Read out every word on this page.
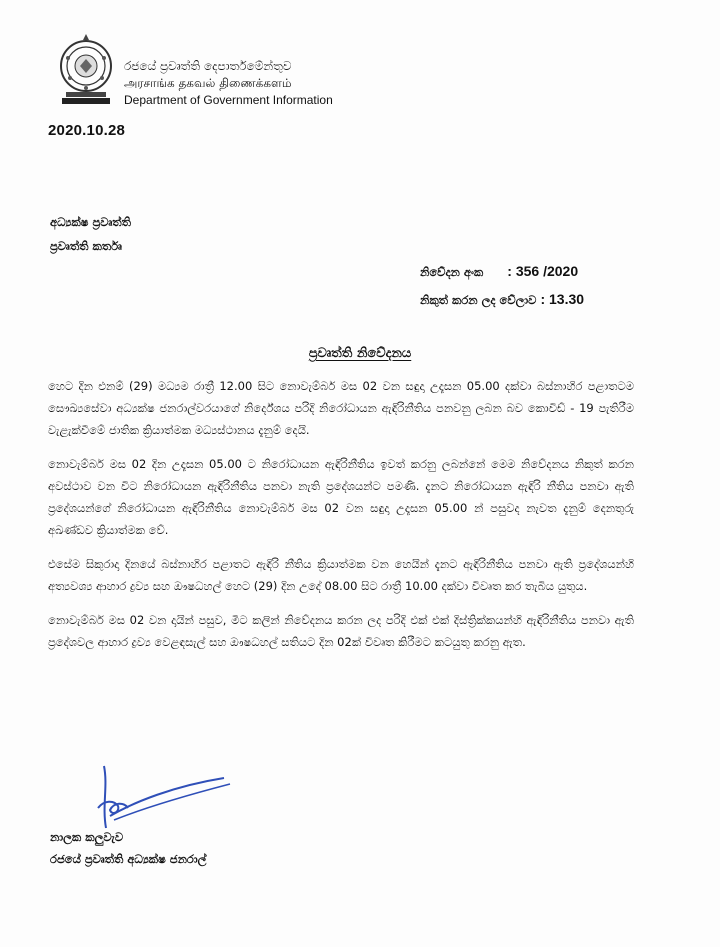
රජයේ ප්‍රවෘත්ති දෙපාර්තමේන්තුව
அரசாங்க தகவல் திணைக்களம்
Department of Government Information
2020.10.28
අධ්‍යක්ෂ ප්‍රවෘත්ති
ප්‍රවෘත්ති කර්තෘ
නිවේදන අංක : 356 /2020
නිකුත් කරන ලද වේලාව : 13.30
ප්‍රවෘත්ති නිවේදනය

හෙට දින එනම් (29) මධ්‍යම රාත්‍රී 12.00 සිට නොවැම්බර් මස 02 වන සඳුදා උදෑසන 05.00 දක්වා බස්නාහිර පළාතටම සෞඛ්‍යසේවා අධ්‍යක්ෂ ජනරාල්වරයාගේ නිර්දේශය පරිදි නිරෝධායන ඇඳිරිනීතිය පනවනු ලබන බව කොවිඩ් - 19 පැතිරීම වැළැක්වීමේ ජාතික ක්‍රියාත්මක මධ්‍යස්ථානය දැනුම් දෙයි.

නොවැම්බර් මස 02 දින උදෑසන 05.00 ට නිරෝධායන ඇඳිරිනීතිය ඉවත් කරනු ලබන්නේ මෙම නිවේදනය නිකුත් කරන අවස්ථාව වන විට නිරෝධායන ඇඳිරිනීතිය පනවා නැති ප්‍රදේශයන්ට පමණි. දැනට නිරෝධායන ඇඳිරි නීතිය පනවා ඇති ප්‍රදේශයන්ගේ නිරෝධායන ඇඳිරිනීතිය නොවැම්බර් මස 02 වන සඳුදා උදෑසන 05.00 න් පසුවද නැවත දැනුම් දෙනතුරු අඛණ්ඩව ක්‍රියාත්මක වේ.

එසේම සිකුරාදා දිනයේ බස්නාහිර පළාතට ඇඳිරි නීතිය ක්‍රියාත්මක වන හෙයින් දැනට ඇඳිරිනීතිය පනවා ඇති ප්‍රදේශයන්හි අත්‍යවශ්‍ය ආහාර ද්‍රව්‍ය සහ ඖෂධහල් හෙට (29) දින උදේ 08.00 සිට රාත්‍රී 10.00 දක්වා විවෘත කර තැබිය යුතුය.

නොවැම්බර් මස 02 වන දායින් පසුව, මීට කලින් නිවේදනය කරන ලද පරිදි එක් එක් දිස්ත්‍රික්කයන්හි ඇඳිරිනීතිය පනවා ඇති ප්‍රදේශවල ආහාර ද්‍රව්‍ය වෙළඳසැල් සහ ඖෂධහල් සතියට දින 02ක් විවෘත කිරීමට කටයුතු කරනු ඇත.

නාලක කලුවැව
රජයේ ප්‍රවෘත්ති අධ්‍යක්ෂ ජනරාල්
